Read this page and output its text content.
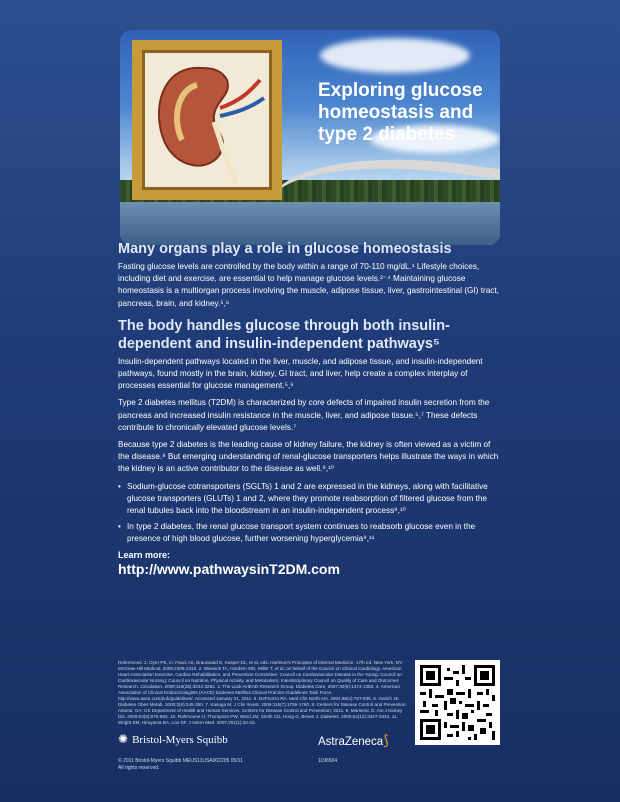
Exploring glucose homeostasis and type 2 diabetes
Many organs play a role in glucose homeostasis

Fasting glucose levels are controlled by the body within a range of 70-110 mg/dL.¹ Lifestyle choices, including diet and exercise, are essential to help manage glucose levels.²⁻⁴ Maintaining glucose homeostasis is a multiorgan process involving the muscle, adipose tissue, liver, gastrointestinal (GI) tract, pancreas, brain, and kidney.⁵,⁶

The body handles glucose through both insulin-dependent and insulin-independent pathways⁵

Insulin-dependent pathways located in the liver, muscle, and adipose tissue, and insulin-independent pathways, found mostly in the brain, kidney, GI tract, and liver, help create a complex interplay of processes essential for glucose management.⁵,⁶

Type 2 diabetes mellitus (T2DM) is characterized by core defects of impaired insulin secretion from the pancreas and increased insulin resistance in the muscle, liver, and adipose tissue.⁵,⁷ These defects contribute to chronically elevated glucose levels.⁷

Because type 2 diabetes is the leading cause of kidney failure, the kidney is often viewed as a victim of the disease.⁸ But emerging understanding of renal-glucose transporters helps illustrate the ways in which the kidney is an active contributor to the disease as well.⁹,¹⁰

• Sodium-glucose cotransporters (SGLTs) 1 and 2 are expressed in the kidneys, along with facilitative glucose transporters (GLUTs) 1 and 2, where they promote reabsorption of filtered glucose from the renal tubules back into the bloodstream in an insulin-independent process⁹,¹⁰
• In type 2 diabetes, the renal glucose transport system continues to reabsorb glucose even in the presence of high blood glucose, further worsening hyperglycemia⁹,¹¹
Learn more:
http://www.pathwaysinT2DM.com
References: 1. Oyer PE, in: Fauci AS, Braunwald E, Kasper DL, et al, eds. Harrison's Principles of Internal Medicine. 17th ed. New York, NY: McGraw-Hill Medical; 2008:2306-2310. 2. Warwick TA, Hordern MD, Miller T, et al; on behalf of the Council on Clinical Cardiology, American Heart Association Exercise, Cardiac Rehabilitation, and Prevention Committee; Council on Cardiovascular Disease in the Young; Council on Cardiovascular Nursing; Council on Nutrition, Physical Activity, and Metabolism; Interdisciplinary Council on Quality of Care and Outcomes Research. Circulation. 2009;119(25):3244-3262. 3. The Look AHEAD Research Group. Diabetes Care. 2007;30(6):1374-1383. 4. American Association of Clinical Endocrinologists (AACE) Diabetes Mellitus Clinical Practice Guidelines Task Force. http://www.aace.com/pub/guidelines/. Accessed January 21, 2011. 5. DeFronzo RA. Med Clin North Am. 2004;88(4):787-835. 6. Gerich JE. Diabetes Obes Metab. 2000;2(6):345-350. 7. Kasuga M. J Clin Invest. 2006;116(7):1756-1760. 8. Centers for Disease Control and Prevention. Atlanta, GA: US Department of Health and Human Services, Centers for Disease Control and Prevention; 2011. 9. Marsenic O. Am J Kidney Dis. 2009;53(5):875-883. 10. Rahmoune H, Thompson PW, Ward JM, Smith CD, Hong G, Brown J. Diabetes. 2005;54(12):3427-3434. 11. Wright EM, Hirayama BA, Loo DF. J Intern Med. 2007;261(1):32-43.
✺ Bristol-Myers Squibb	AstraZeneca⟆
© 2011 Bristol-Myers Squibb MEUS11USA002205 05/11
All rights reserved.
1196504
